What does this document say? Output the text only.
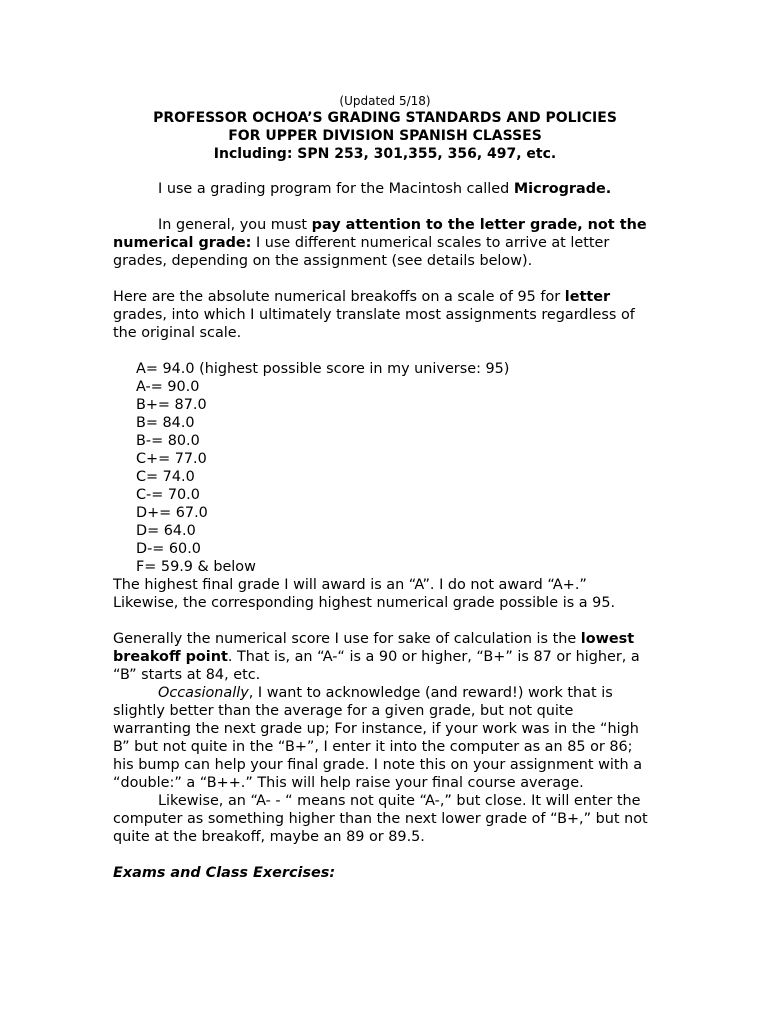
(Updated 5/18)
PROFESSOR OCHOA’S GRADING STANDARDS AND POLICIES
FOR UPPER DIVISION SPANISH CLASSES
Including: SPN 253, 301,355, 356, 497, etc.

I use a grading program for the Macintosh called Micrograde.

In general, you must pay attention to the letter grade, not the numerical grade: I use different numerical scales to arrive at letter grades, depending on the assignment (see details below).

Here are the absolute numerical breakoffs on a scale of 95 for letter grades, into which I ultimately translate most assignments regardless of the original scale.

A= 94.0 (highest possible score in my universe: 95)
A-= 90.0
B+= 87.0
B= 84.0
B-= 80.0
C+= 77.0
C= 74.0
C-= 70.0
D+= 67.0
D= 64.0
D-= 60.0
F= 59.9 & below

The highest final grade I will award is an “A”. I do not award “A+.”

Likewise, the corresponding highest numerical grade possible is a 95.

Generally the numerical score I use for sake of calculation is the lowest breakoff point. That is, an “A-“ is a 90 or higher, “B+” is 87 or higher, a “B” starts at 84, etc.

Occasionally, I want to acknowledge (and reward!) work that is slightly better than the average for a given grade, but not quite warranting the next grade up; For instance, if your work was in the “high B” but not quite in the “B+”, I enter it into the computer as an 85 or 86; his bump can help your final grade. I note this on your assignment with a “double:” a “B++.” This will help raise your final course average.

Likewise, an “A- - “ means not quite “A-,” but close. It will enter the computer as something higher than the next lower grade of “B+,” but not quite at the breakoff, maybe an 89 or 89.5.

Exams and Class Exercises:
